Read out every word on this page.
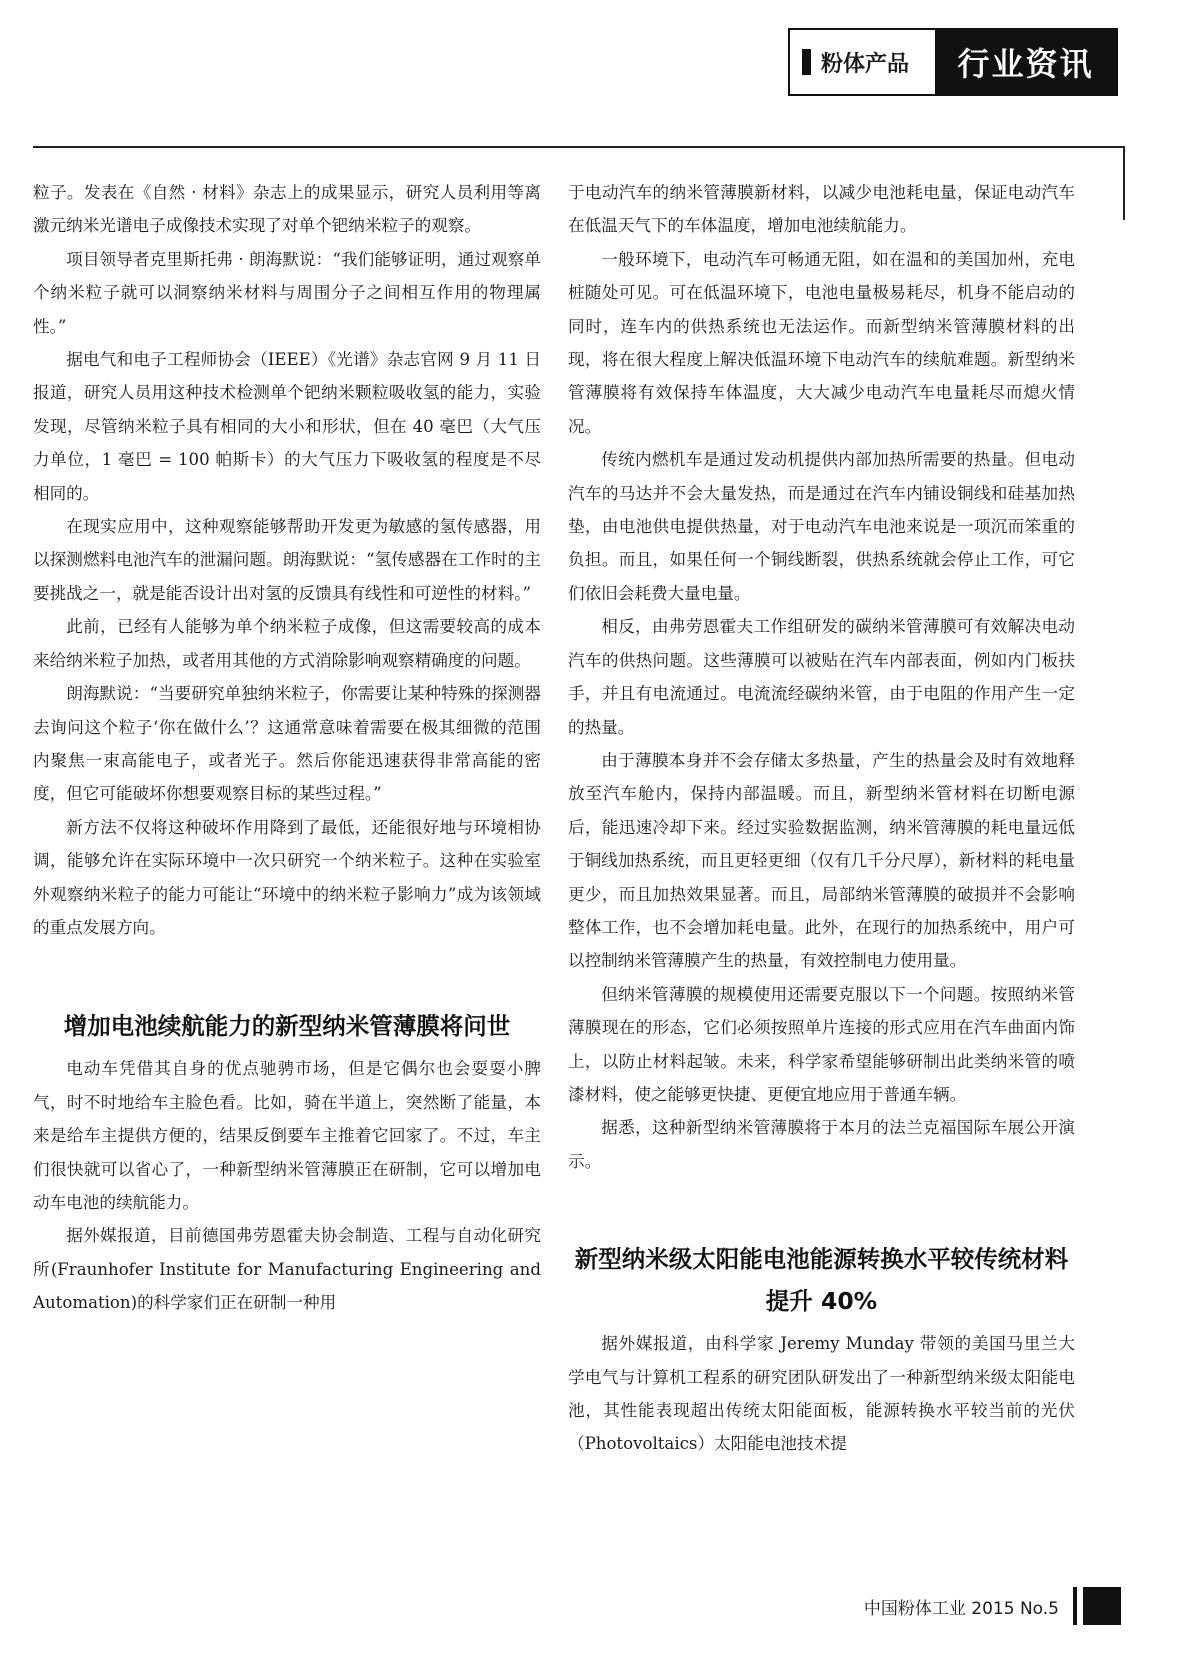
粉体产品	行业资讯

粒子。发表在《自然 · 材料》杂志上的成果显示，研究人员利用等离激元纳米光谱电子成像技术实现了对单个钯纳米粒子的观察。

项目领导者克里斯托弗 · 朗海默说：“我们能够证明，通过观察单个纳米粒子就可以洞察纳米材料与周围分子之间相互作用的物理属性。”

据电气和电子工程师协会（IEEE）《光谱》杂志官网 9 月 11 日报道，研究人员用这种技术检测单个钯纳米颗粒吸收氢的能力，实验发现，尽管纳米粒子具有相同的大小和形状，但在 40 毫巴（大气压力单位，1 毫巴 = 100 帕斯卡）的大气压力下吸收氢的程度是不尽相同的。

在现实应用中，这种观察能够帮助开发更为敏感的氢传感器，用以探测燃料电池汽车的泄漏问题。朗海默说：“氢传感器在工作时的主要挑战之一，就是能否设计出对氢的反馈具有线性和可逆性的材料。”

此前，已经有人能够为单个纳米粒子成像，但这需要较高的成本来给纳米粒子加热，或者用其他的方式消除影响观察精确度的问题。

朗海默说：“当要研究单独纳米粒子，你需要让某种特殊的探测器去询问这个粒子‘你在做什么’？这通常意味着需要在极其细微的范围内聚焦一束高能电子，或者光子。然后你能迅速获得非常高能的密度，但它可能破坏你想要观察目标的某些过程。”

新方法不仅将这种破坏作用降到了最低，还能很好地与环境相协调，能够允许在实际环境中一次只研究一个纳米粒子。这种在实验室外观察纳米粒子的能力可能让“环境中的纳米粒子影响力”成为该领域的重点发展方向。

增加电池续航能力的新型纳米管薄膜将问世

电动车凭借其自身的优点驰骋市场，但是它偶尔也会耍耍小脾气，时不时地给车主脸色看。比如，骑在半道上，突然断了能量，本来是给车主提供方便的，结果反倒要车主推着它回家了。不过，车主们很快就可以省心了，一种新型纳米管薄膜正在研制，它可以增加电动车电池的续航能力。

据外媒报道，目前德国弗劳恩霍夫协会制造、工程与自动化研究所(Fraunhofer Institute for Manufacturing Engineering and Automation)的科学家们正在研制一种用

于电动汽车的纳米管薄膜新材料，以减少电池耗电量，保证电动汽车在低温天气下的车体温度，增加电池续航能力。

一般环境下，电动汽车可畅通无阻，如在温和的美国加州，充电桩随处可见。可在低温环境下，电池电量极易耗尽，机身不能启动的同时，连车内的供热系统也无法运作。而新型纳米管薄膜材料的出现，将在很大程度上解决低温环境下电动汽车的续航难题。新型纳米管薄膜将有效保持车体温度，大大减少电动汽车电量耗尽而熄火情况。

传统内燃机车是通过发动机提供内部加热所需要的热量。但电动汽车的马达并不会大量发热，而是通过在汽车内铺设铜线和硅基加热垫，由电池供电提供热量，对于电动汽车电池来说是一项沉而笨重的负担。而且，如果任何一个铜线断裂，供热系统就会停止工作，可它们依旧会耗费大量电量。

相反，由弗劳恩霍夫工作组研发的碳纳米管薄膜可有效解决电动汽车的供热问题。这些薄膜可以被贴在汽车内部表面，例如内门板扶手，并且有电流通过。电流流经碳纳米管，由于电阻的作用产生一定的热量。

由于薄膜本身并不会存储太多热量，产生的热量会及时有效地释放至汽车舱内，保持内部温暖。而且，新型纳米管材料在切断电源后，能迅速冷却下来。经过实验数据监测，纳米管薄膜的耗电量远低于铜线加热系统，而且更轻更细（仅有几千分尺厚），新材料的耗电量更少，而且加热效果显著。而且，局部纳米管薄膜的破损并不会影响整体工作，也不会增加耗电量。此外，在现行的加热系统中，用户可以控制纳米管薄膜产生的热量，有效控制电力使用量。

但纳米管薄膜的规模使用还需要克服以下一个问题。按照纳米管薄膜现在的形态，它们必须按照单片连接的形式应用在汽车曲面内饰上，以防止材料起皱。未来，科学家希望能够研制出此类纳米管的喷漆材料，使之能够更快捷、更便宜地应用于普通车辆。

据悉，这种新型纳米管薄膜将于本月的法兰克福国际车展公开演示。

新型纳米级太阳能电池能源转换水平较传统材料提升 40%

据外媒报道，由科学家 Jeremy Munday 带领的美国马里兰大学电气与计算机工程系的研究团队研发出了一种新型纳米级太阳能电池，其性能表现超出传统太阳能面板，能源转换水平较当前的光伏（Photovoltaics）太阳能电池技术提

中国粉体工业 2015 No.5
